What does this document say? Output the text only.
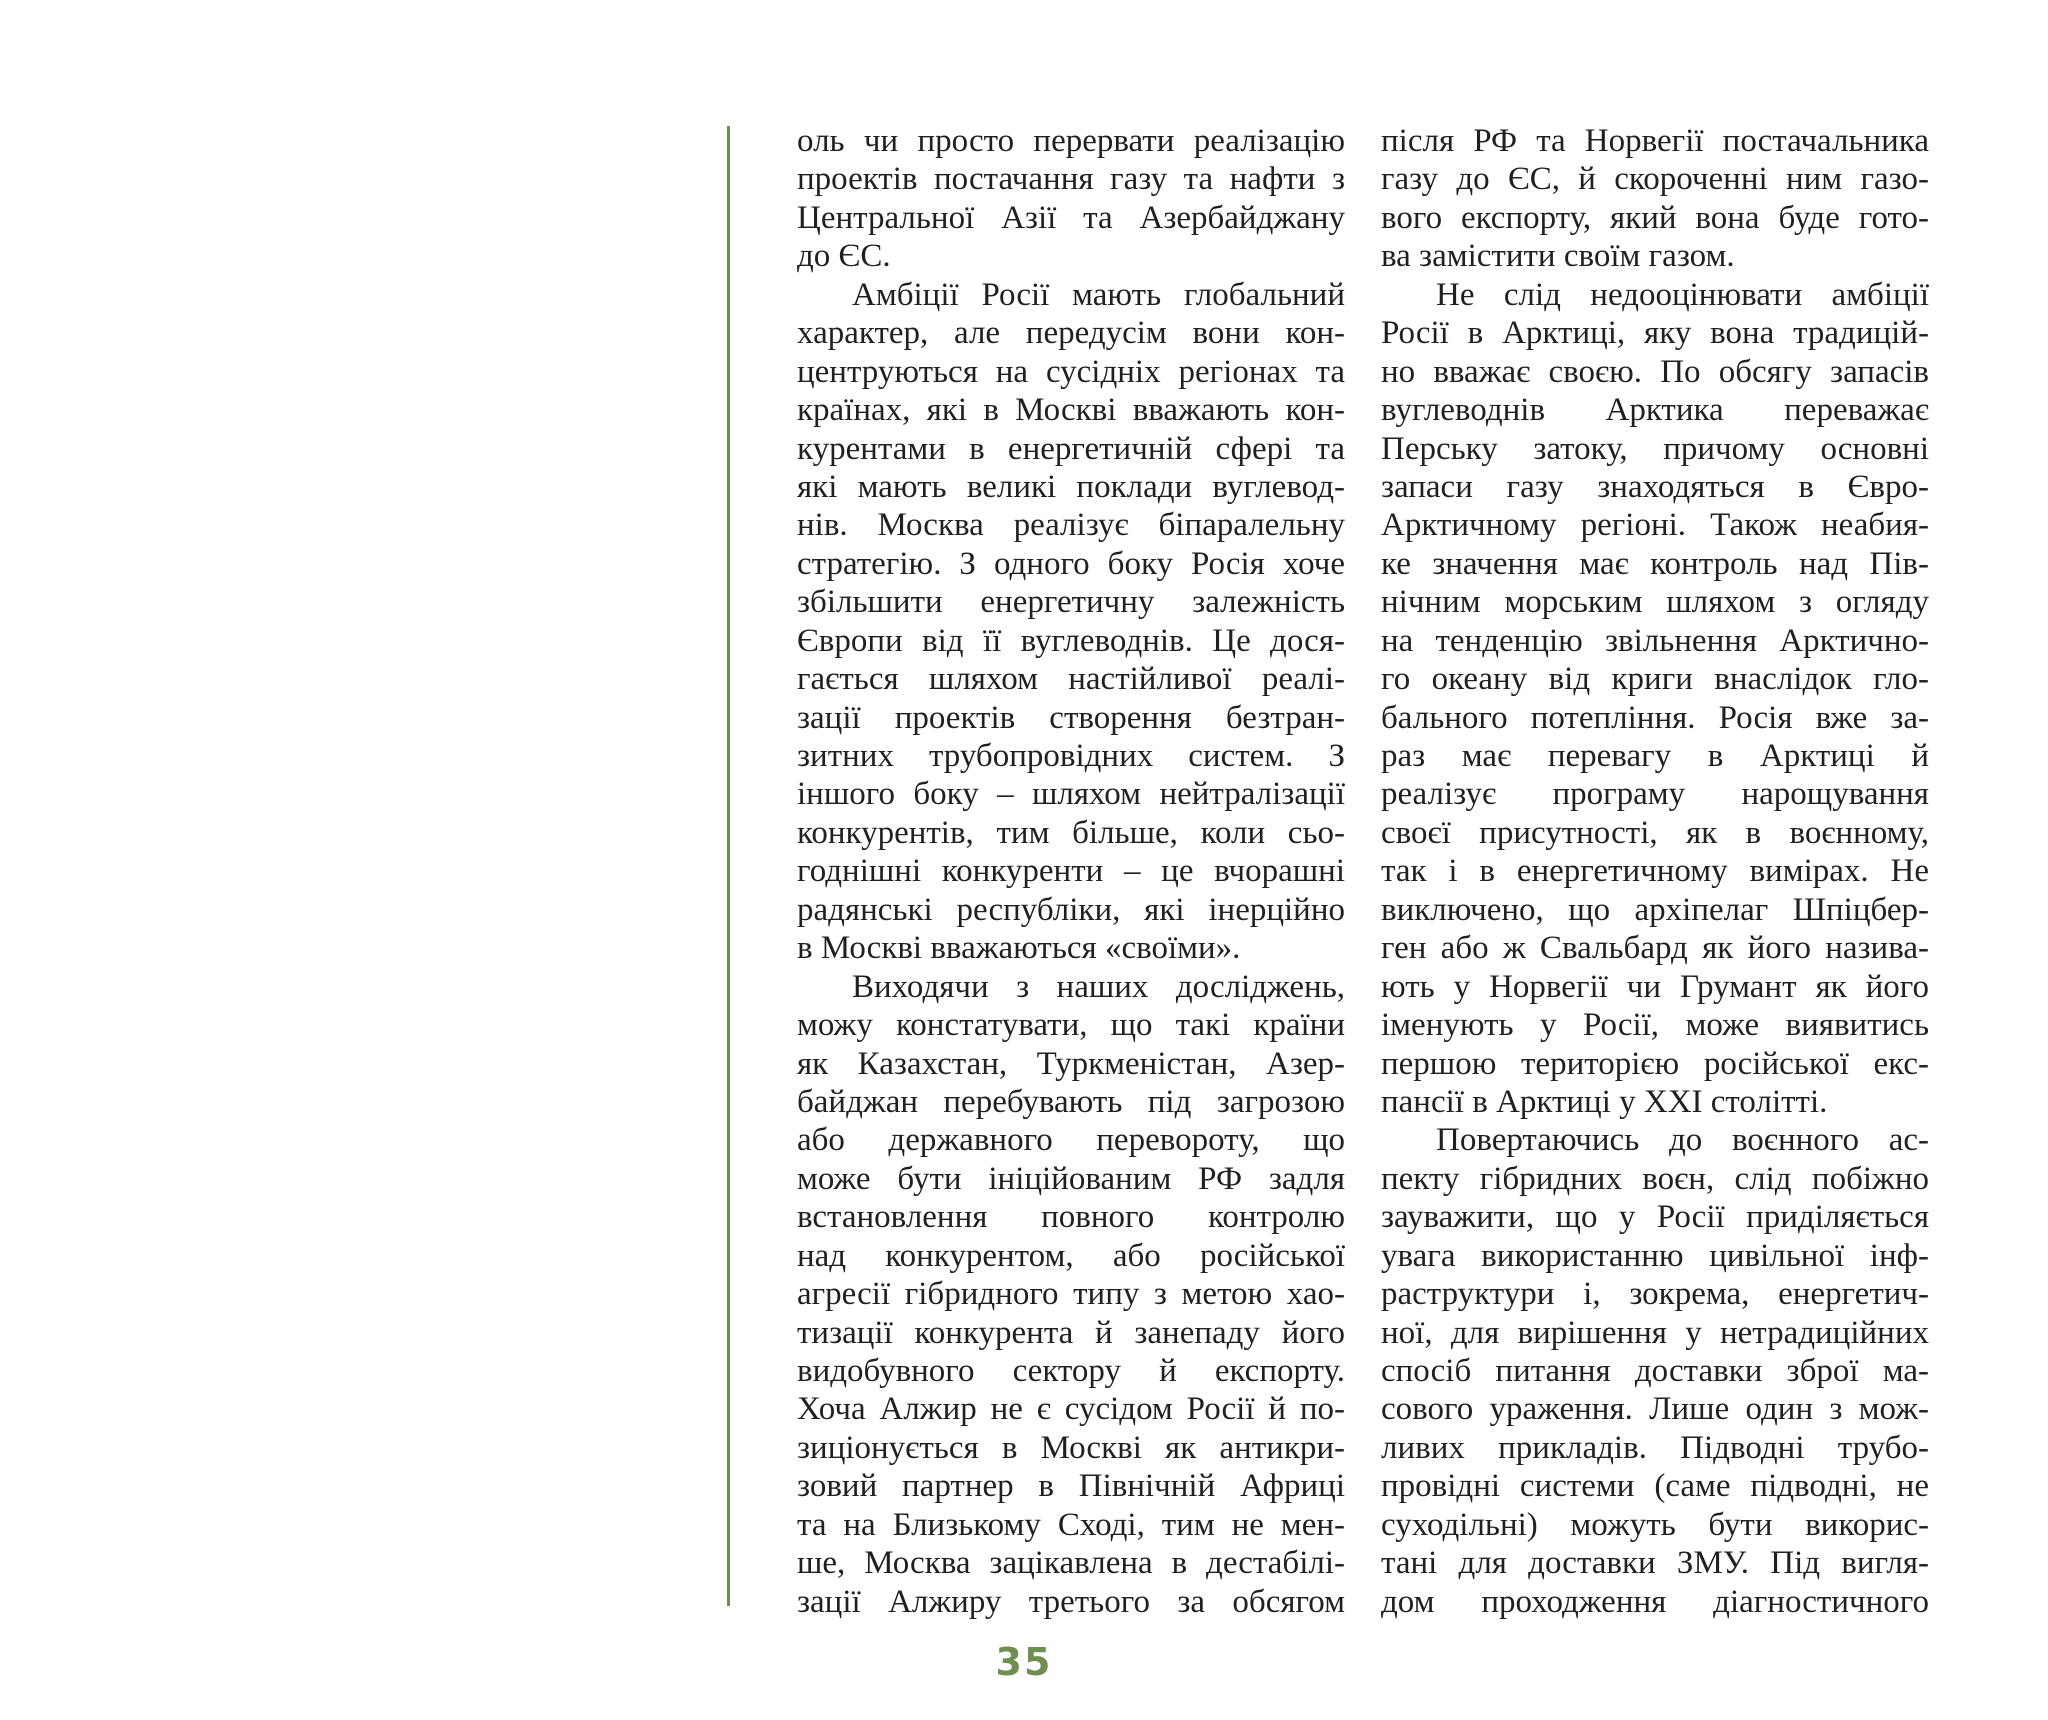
оль чи просто перервати реалізацію
проектів постачання газу та нафти з
Центральної Азії та Азербайджану
до ЄС.
Амбіції Росії мають глобальний
характер, але передусім вони кон-
центруються на сусідніх регіонах та
країнах, які в Москві вважають кон-
курентами в енергетичній сфері та
які мають великі поклади вуглевод-
нів. Москва реалізує біпаралельну
стратегію. З одного боку Росія хоче
збільшити енергетичну залежність
Європи від її вуглеводнів. Це дося-
гається шляхом настійливої реалі-
зації проектів створення безтран-
зитних трубопровідних систем. З
іншого боку – шляхом нейтралізації
конкурентів, тим більше, коли сьо-
годнішні конкуренти – це вчорашні
радянські республіки, які інерційно
в Москві вважаються «своїми».
Виходячи з наших досліджень,
можу констатувати, що такі країни
як Казахстан, Туркменістан, Азер-
байджан перебувають під загрозою
або державного перевороту, що
може бути ініційованим РФ задля
встановлення повного контролю
над конкурентом, або російської
агресії гібридного типу з метою хао-
тизації конкурента й занепаду його
видобувного сектору й експорту.
Хоча Алжир не є сусідом Росії й по-
зиціонується в Москві як антикри-
зовий партнер в Північній Африці
та на Близькому Сході, тим не мен-
ше, Москва зацікавлена в дестабілі-
зації Алжиру третього за обсягом
після РФ та Норвегії постачальника
газу до ЄС, й скороченні ним газо-
вого експорту, який вона буде гото-
ва замістити своїм газом.
Не слід недооцінювати амбіції
Росії в Арктиці, яку вона традицій-
но вважає своєю. По обсягу запасів
вуглеводнів Арктика переважає
Перську затоку, причому основні
запаси газу знаходяться в Євро-
Арктичному регіоні. Також неабия-
ке значення має контроль над Пів-
нічним морським шляхом з огляду
на тенденцію звільнення Арктично-
го океану від криги внаслідок гло-
бального потепління. Росія вже за-
раз має перевагу в Арктиці й
реалізує програму нарощування
своєї присутності, як в воєнному,
так і в енергетичному вимірах. Не
виключено, що архіпелаг Шпіцбер-
ген або ж Свальбард як його назива-
ють у Норвегії чи Грумант як його
іменують у Росії, може виявитись
першою територією російської екс-
пансії в Арктиці у XXI столітті.
Повертаючись до воєнного ас-
пекту гібридних воєн, слід побіжно
зауважити, що у Росії приділяється
увага використанню цивільної інф-
раструктури і, зокрема, енергетич-
ної, для вирішення у нетрадиційних
спосіб питання доставки зброї ма-
сового ураження. Лише один з мож-
ливих прикладів. Підводні трубо-
провідні системи (саме підводні, не
суходільні) можуть бути викорис-
тані для доставки ЗМУ. Під вигля-
дом проходження діагностичного
35
